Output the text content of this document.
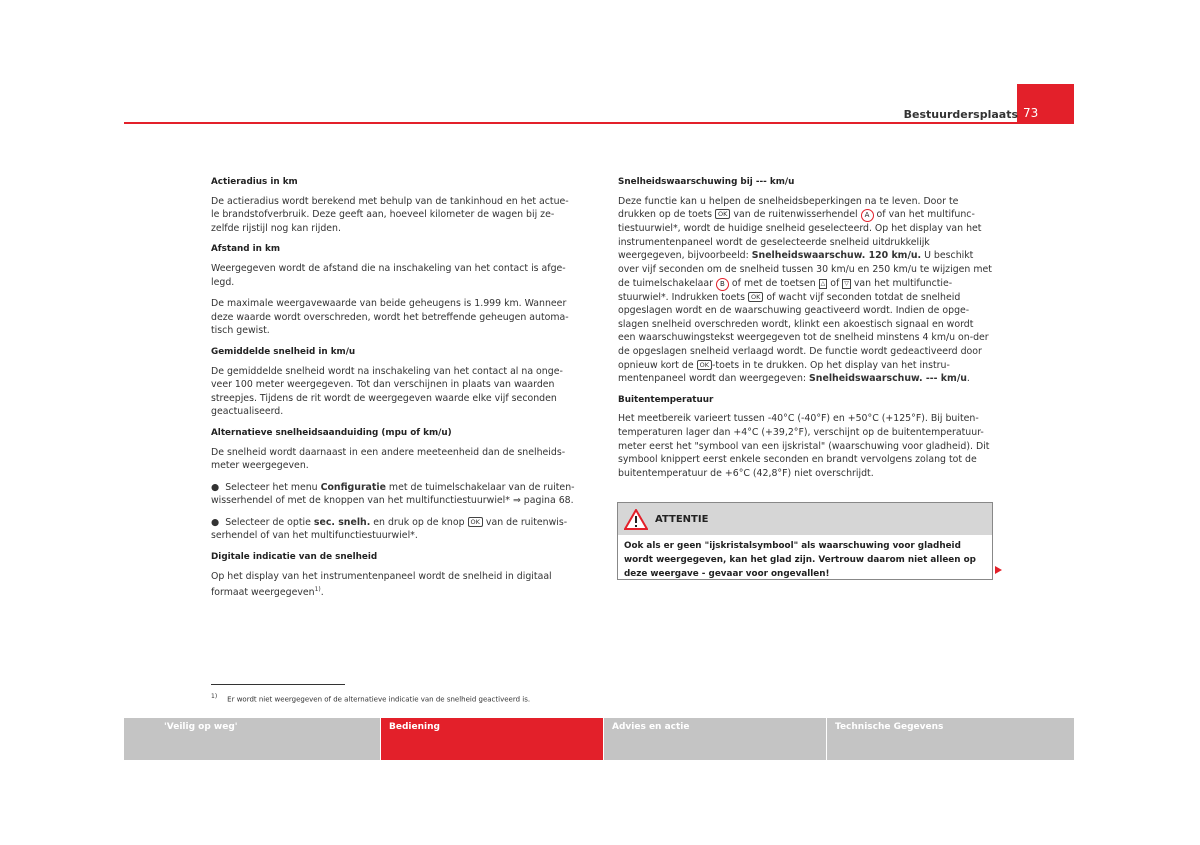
73
Bestuurdersplaats
Actieradius in km

De actieradius wordt berekend met behulp van de tankinhoud en het actue-le brandstofverbruik. Deze geeft aan, hoeveel kilometer de wagen bij ze-zelfde rijstijl nog kan rijden.

Afstand in km

Weergegeven wordt de afstand die na inschakeling van het contact is afge-legd.

De maximale weergavewaarde van beide geheugens is 1.999 km. Wanneer deze waarde wordt overschreden, wordt het betreffende geheugen automa-tisch gewist.

Gemiddelde snelheid in km/u

De gemiddelde snelheid wordt na inschakeling van het contact al na onge-veer 100 meter weergegeven. Tot dan verschijnen in plaats van waarden streepjes. Tijdens de rit wordt de weergegeven waarde elke vijf seconden geactualiseerd.

Alternatieve snelheidsaanduiding (mpu of km/u)

De snelheid wordt daarnaast in een andere meeteenheid dan de snelheids-meter weergegeven.

● Selecteer het menu Configuratie met de tuimelschakelaar van de ruiten-wisserhendel of met de knoppen van het multifunctiestuurwiel* ⇒ pagina 68.

● Selecteer de optie sec. snelh. en druk op de knop OK van de ruitenwis-serhendel of van het multifunctiestuurwiel*.

Digitale indicatie van de snelheid

Op het display van het instrumentenpaneel wordt de snelheid in digitaal formaat weergegeven$^{1)}$.

Snelheidswaarschuwing bij --- km/u

Deze functie kan u helpen de snelheidsbeperkingen na te leven. Door te drukken op de toets OK van de ruitenwisserhendel A of van het multifunc-tiestuurwiel*, wordt de huidige snelheid geselecteerd. Op het display van het instrumentenpaneel wordt de geselecteerde snelheid uitdrukkelijk weergegeven, bijvoorbeeld: Snelheidswaarschuw. 120 km/u. U beschikt over vijf seconden om de snelheid tussen 30 km/u en 250 km/u te wijzigen met de tuimelschakelaar B of met de toetsen △ of ▽ van het multifunctie-stuurwiel*. Indrukken toets OK of wacht vijf seconden totdat de snelheid opgeslagen wordt en de waarschuwing geactiveerd wordt. Indien de opge-slagen snelheid overschreden wordt, klinkt een akoestisch signaal en wordt een waarschuwingstekst weergegeven tot de snelheid minstens 4 km/u on-der de opgeslagen snelheid verlaagd wordt. De functie wordt gedeactiveerd door opnieuw kort de OK -toets in te drukken. Op het display van het instru-mentenpaneel wordt dan weergegeven: Snelheidswaarschuw. --- km/u.

Buitentemperatuur

Het meetbereik varieert tussen -40°C (-40°F) en +50°C (+125°F). Bij buiten-temperaturen lager dan +4°C (+39,2°F), verschijnt op de buitentemperatuur-meter eerst het "symbool van een ijskristal" (waarschuwing voor gladheid). Dit symbool knippert eerst enkele seconden en brandt vervolgens zolang tot de buitentemperatuur de +6°C (42,8°F) niet overschrijdt.

ATTENTIE
Ook als er geen "ijskristalsymbool" als waarschuwing voor gladheid wordt weergegeven, kan het glad zijn. Vertrouw daarom niet alleen op deze weergave - gevaar voor ongevallen!
$^{1)}$ Er wordt niet weergegeven of de alternatieve indicatie van de snelheid geactiveerd is.
'Veilig op weg'	Bediening	Advies en actie	Technische Gegevens
